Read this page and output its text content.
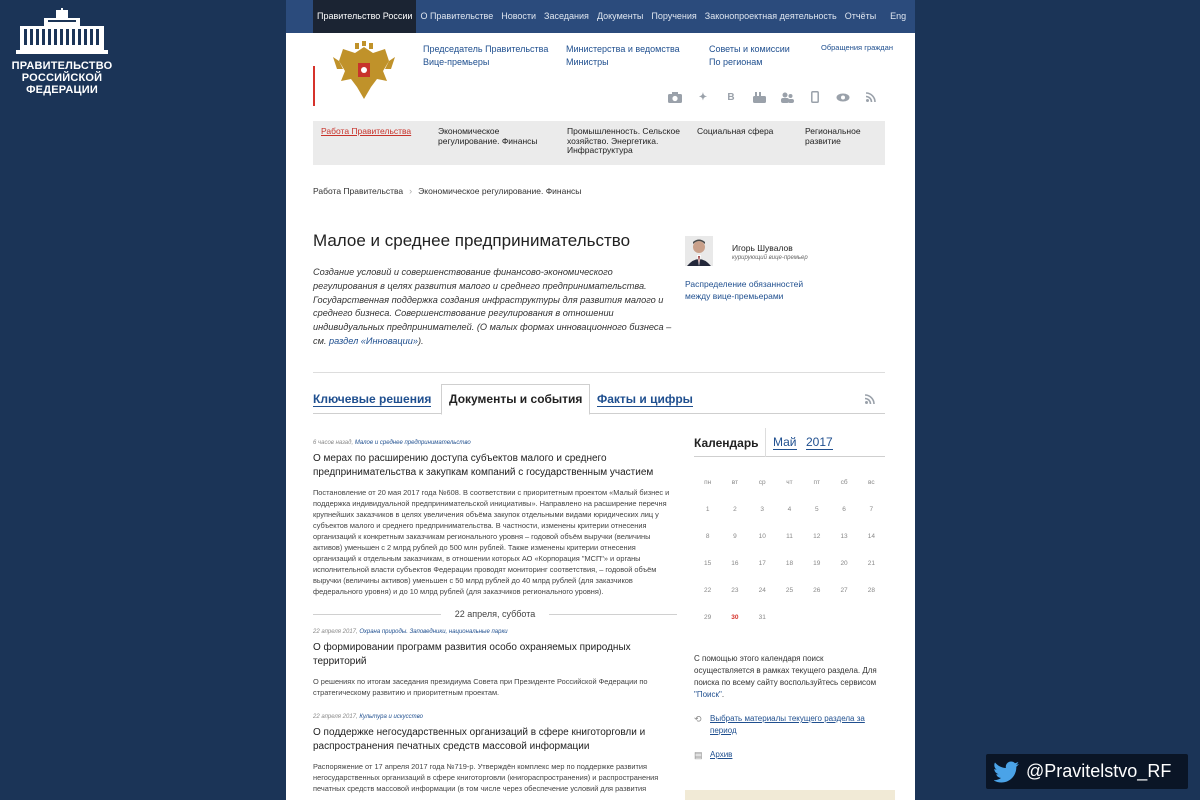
ПРАВИТЕЛЬСТВО
РОССИЙСКОЙ
ФЕДЕРАЦИИ
Правительство России О Правительстве Новости Заседания Документы Поручения Законопроектная деятельность Отчёты	Eng
Председатель Правительства
Вице-премьеры
Министерства и ведомства
Министры
Советы и комиссии
По регионам
Обращения граждан
✦	B
Работа Правительства	Экономическое регулирование. Финансы
Промышленность. Сельское хозяйство. Энергетика. Инфраструктура
Социальная сфера	Региональное развитие
Работа Правительства › Экономическое регулирование. Финансы
Малое и среднее предпринимательство

Создание условий и совершенствование финансово-экономического регулирования в целях развития малого и среднего предпринимательства. Государственная поддержка создания инфраструктуры для развития малого и среднего бизнеса. Совершенствование регулирования в отношении индивидуальных предпринимателей. (О малых формах инновационного бизнеса – см. раздел «Инновации»).

Игорь Шувалов
курирующий вице-премьер
Распределение обязанностей между вице-премьерами
Ключевые решения	Документы и события	Факты и цифры
6 часов назад, Малое и среднее предпринимательство
О мерах по расширению доступа субъектов малого и среднего предпринимательства к закупкам компаний с государственным участием

Постановление от 20 мая 2017 года №608. В соответствии с приоритетным проектом «Малый бизнес и поддержка индивидуальной предпринимательской инициативы». Направлено на расширение перечня крупнейших заказчиков в целях увеличения объёма закупок отдельными видами юридических лиц у субъектов малого и среднего предпринимательства. В частности, изменены критерии отнесения организаций к конкретным заказчикам регионального уровня – годовой объём выручки (величины активов) уменьшен с 2 млрд рублей до 500 млн рублей. Также изменены критерии отнесения организаций к отдельным заказчикам, в отношении которых АО «Корпорация "МСП"» и органы исполнительной власти субъектов Федерации проводят мониторинг соответствия, – годовой объём выручки (величины активов) уменьшен с 50 млрд рублей до 40 млрд рублей (для заказчиков федерального уровня) и до 10 млрд рублей (для заказчиков регионального уровня).

22 апреля, суббота
22 апреля 2017, Охрана природы. Заповедники, национальные парки
О формировании программ развития особо охраняемых природных территорий

О решениях по итогам заседания президиума Совета при Президенте Российской Федерации по стратегическому развитию и приоритетным проектам.

22 апреля 2017, Культура и искусство
О поддержке негосударственных организаций в сфере книготорговли и распространения печатных средств массовой информации

Распоряжение от 17 апреля 2017 года №719-р. Утверждён комплекс мер по поддержке развития негосударственных организаций в сфере книготорговли (книгораспространения) и распространения печатных средств массовой информации (в том числе через обеспечение условий для развития

Календарь Май 2017
пн	вт	ср	чт	пт	сб	вс
1	2	3	4	5	6	7
8	9	10	11	12	13	14
15	16	17	18	19	20	21
22	23	24	25	26	27	28
29	30	31

С помощью этого календаря поиск осуществляется в рамках текущего раздела. Для поиска по всему сайту воспользуйтесь сервисом "Поиск".

⟲	Выбрать материалы текущего раздела за период
▤ Архив
@Pravitelstvo_RF
